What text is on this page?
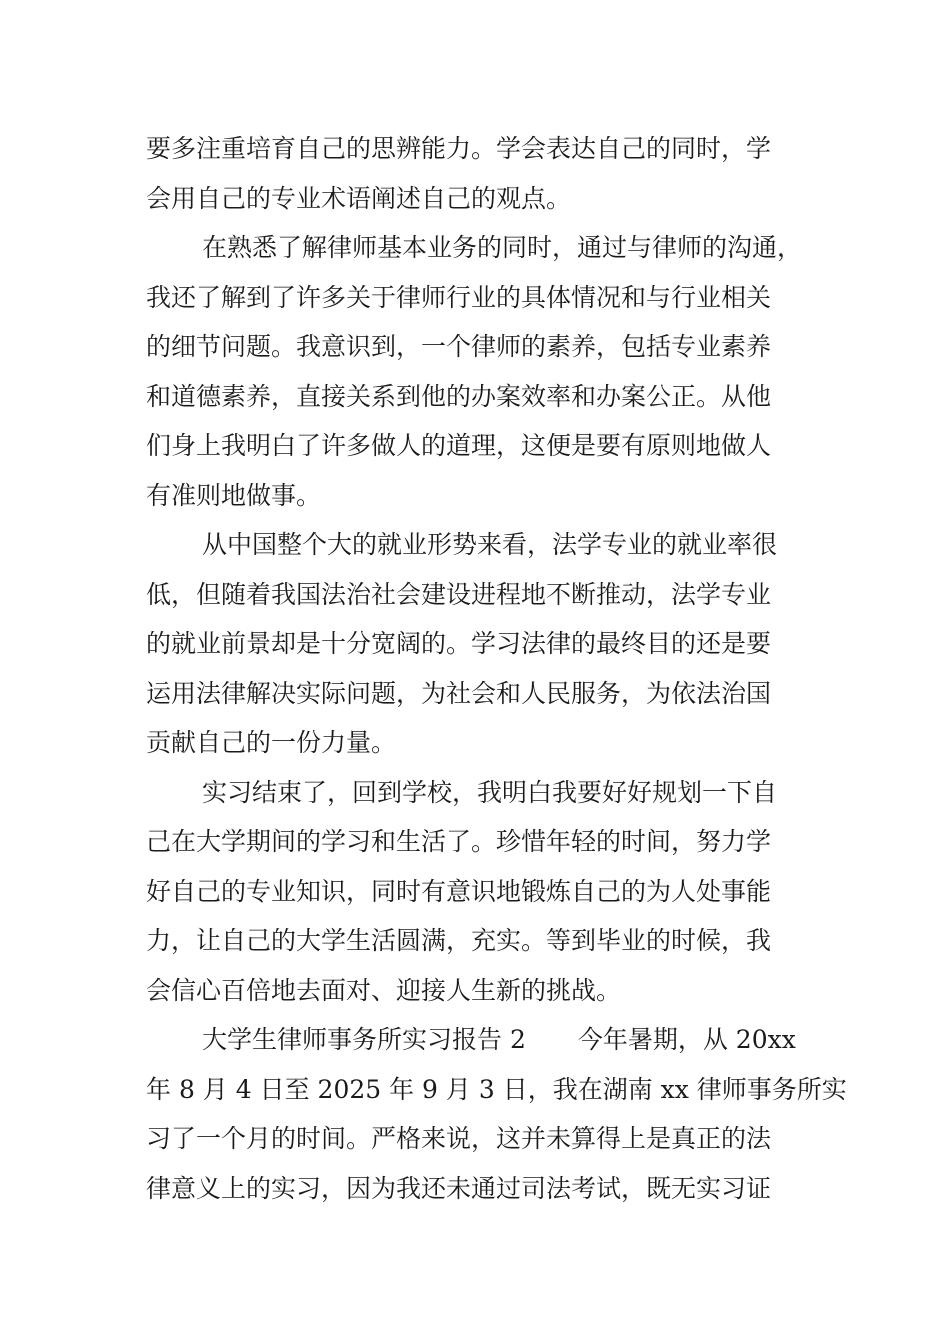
要多注重培育自己的思辨能力。学会表达自己的同时，学
会用自己的专业术语阐述自己的观点。
在熟悉了解律师基本业务的同时，通过与律师的沟通，
我还了解到了许多关于律师行业的具体情况和与行业相关
的细节问题。我意识到，一个律师的素养，包括专业素养
和道德素养，直接关系到他的办案效率和办案公正。从他
们身上我明白了许多做人的道理，这便是要有原则地做人
有准则地做事。
从中国整个大的就业形势来看，法学专业的就业率很
低，但随着我国法治社会建设进程地不断推动，法学专业
的就业前景却是十分宽阔的。学习法律的最终目的还是要
运用法律解决实际问题，为社会和人民服务，为依法治国
贡献自己的一份力量。
实习结束了，回到学校，我明白我要好好规划一下自
己在大学期间的学习和生活了。珍惜年轻的时间，努力学
好自己的专业知识，同时有意识地锻炼自己的为人处事能
力，让自己的大学生活圆满，充实。等到毕业的时候，我
会信心百倍地去面对、迎接人生新的挑战。
大学生律师事务所实习报告 2 今年暑期，从 20xx
年 8 月 4 日至 2025 年 9 月 3 日，我在湖南 xx 律师事务所实
习了一个月的时间。严格来说，这并未算得上是真正的法
律意义上的实习，因为我还未通过司法考试，既无实习证
